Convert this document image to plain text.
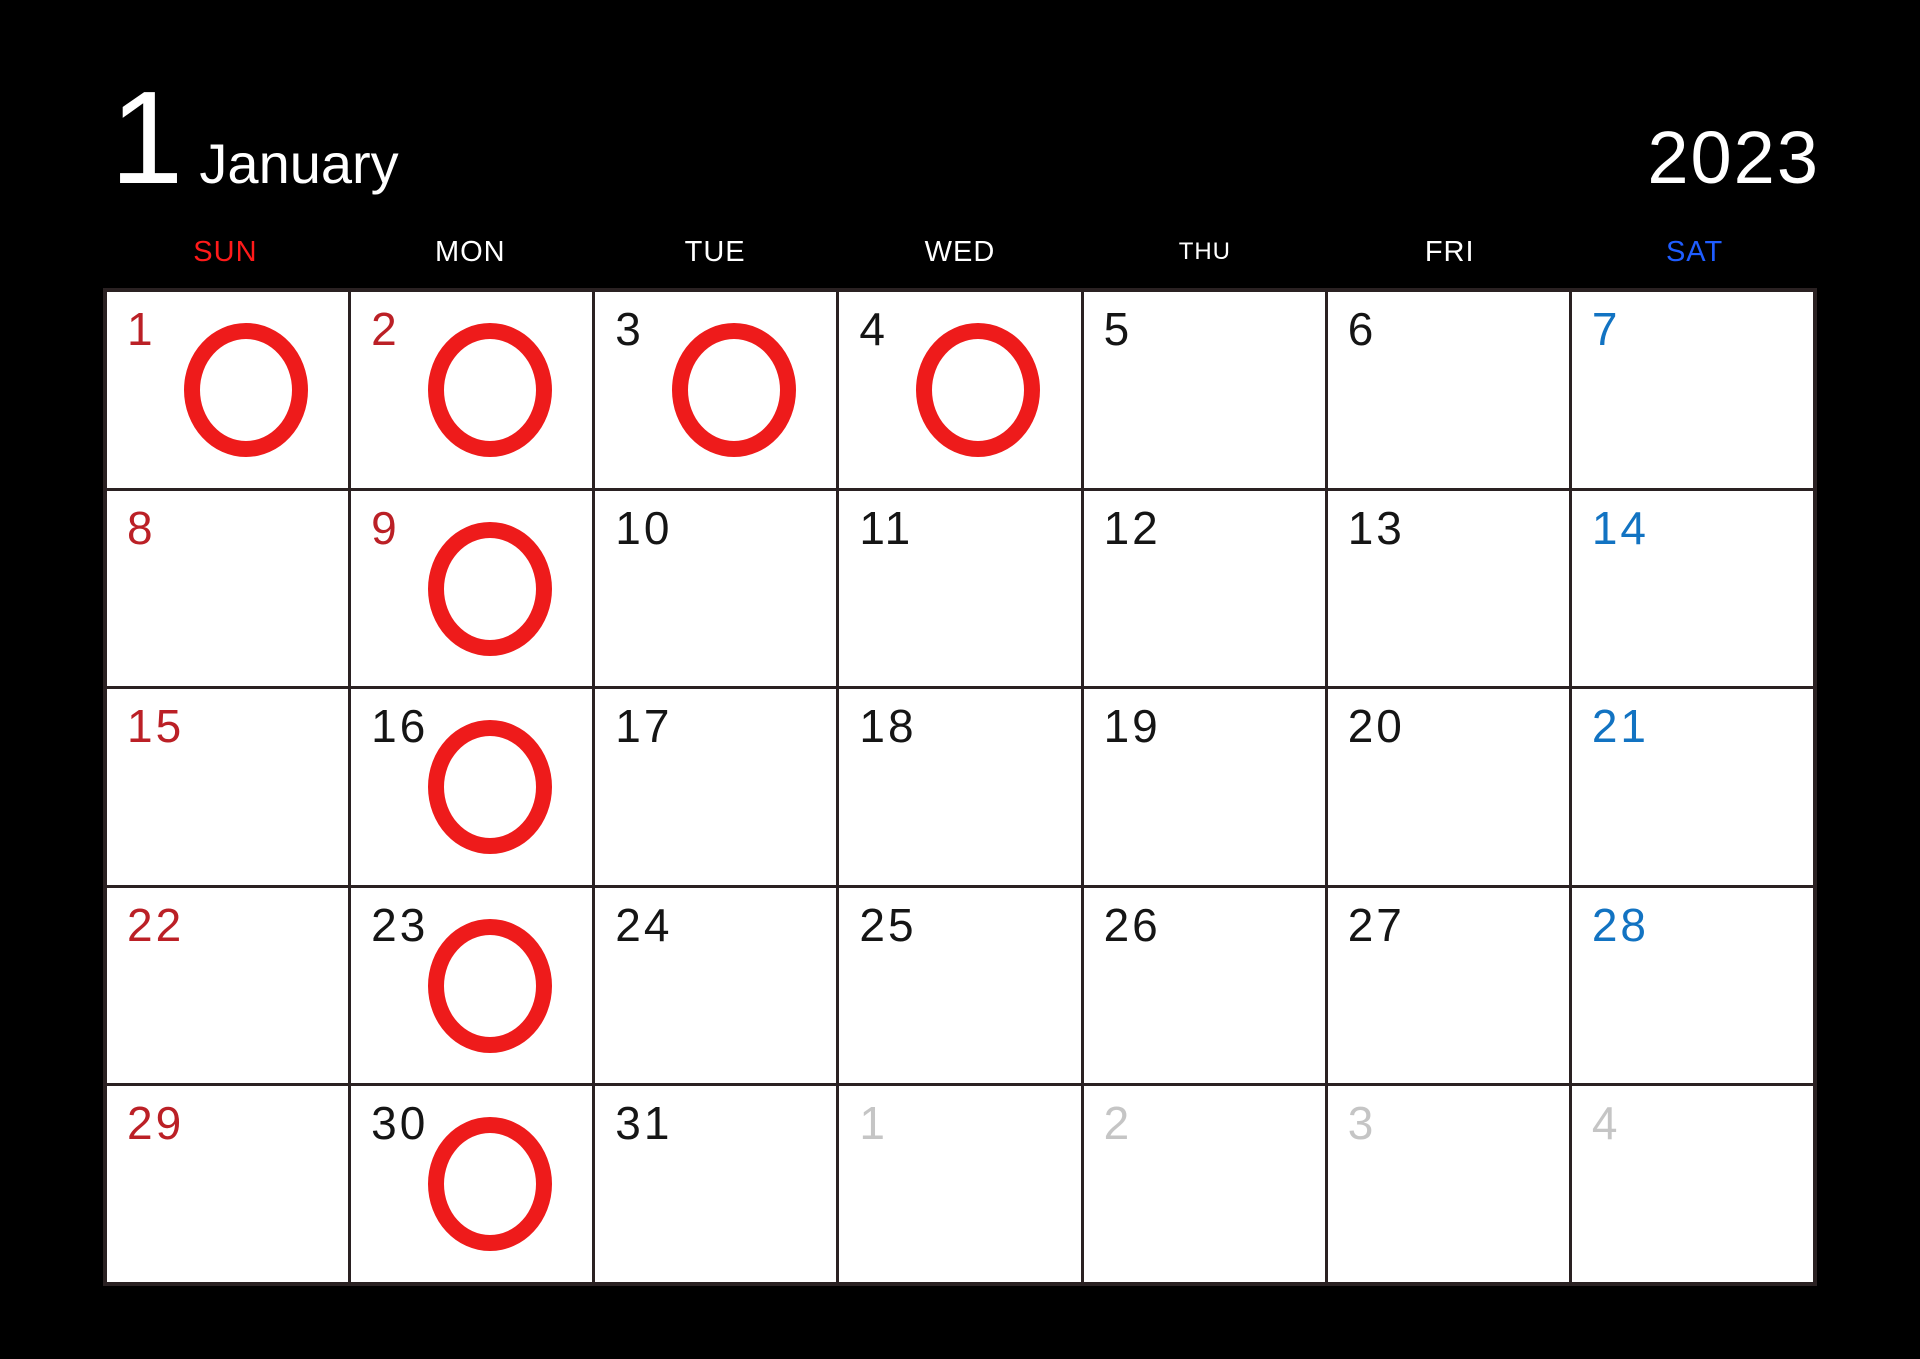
1 January	2023
SUN	MON	TUE	WED	THU	FRI	SAT
1	2	3	4	5	6	7
8	9	10	11	12	13	14
15	16	17	18	19	20	21
22	23	24	25	26	27	28
29	30	31	1	2	3	4
